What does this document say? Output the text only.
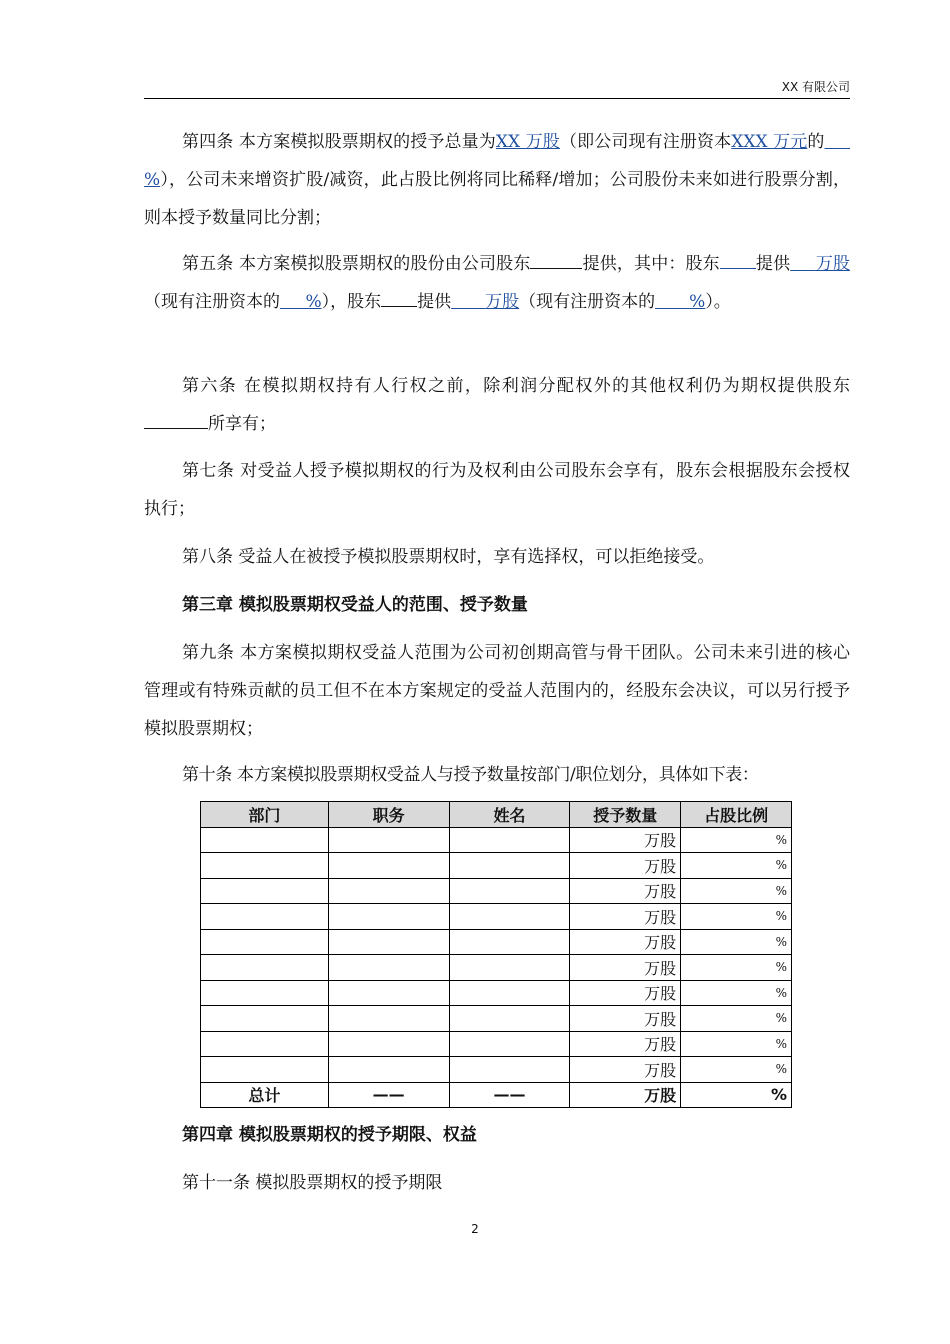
XX 有限公司
第四条 本方案模拟股票期权的授予总量为XX 万股（即公司现有注册资本XXX 万元的  %），公司未来增资扩股/减资，此占股比例将同比稀释/增加；公司股份未来如进行股票分割，则本授予数量同比分割；
第五条 本方案模拟股票期权的股份由公司股东	提供，其中：股东 提供   万股（现有注册资本的   %），股东 提供   万股（现有注册资本的   %）。
第六条 在模拟期权持有人行权之前，除利润分配权外的其他权利仍为期权提供股东所享有；
第七条 对受益人授予模拟期权的行为及权利由公司股东会享有，股东会根据股东会授权执行；
第八条 受益人在被授予模拟股票期权时，享有选择权，可以拒绝接受。
第三章 模拟股票期权受益人的范围、授予数量
第九条 本方案模拟期权受益人范围为公司初创期高管与骨干团队。公司未来引进的核心管理或有特殊贡献的员工但不在本方案规定的受益人范围内的，经股东会决议，可以另行授予模拟股票期权；
第十条 本方案模拟股票期权受益人与授予数量按部门/职位划分，具体如下表：
部门	职务	姓名	授予数量	占股比例
			万股	%
			万股	%
			万股	%
			万股	%
			万股	%
			万股	%
			万股	%
			万股	%
			万股	%
			万股	%
总计	——	——	万股	%
第四章 模拟股票期权的授予期限、权益
第十一条 模拟股票期权的授予期限
2
